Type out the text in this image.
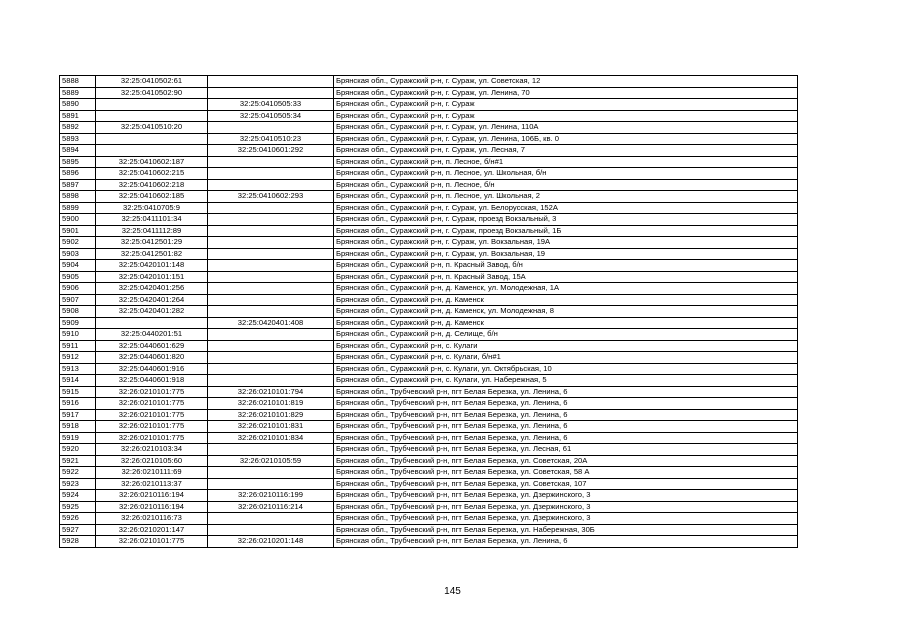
5888	32:25:0410502:61		Брянская обл., Суражский р-н, г. Сураж, ул. Советская, 12
5889	32:25:0410502:90		Брянская обл., Суражский р-н, г. Сураж, ул. Ленина, 70
5890		32:25:0410505:33	Брянская обл., Суражский р-н, г. Сураж
5891		32:25:0410505:34	Брянская обл., Суражский р-н, г. Сураж
5892	32:25:0410510:20		Брянская обл., Суражский р-н, г. Сураж, ул. Ленина, 110А
5893		32:25:0410510:23	Брянская обл., Суражский р-н, г. Сураж, ул. Ленина, 106Б, кв. 0
5894		32:25:0410601:292	Брянская обл., Суражский р-н, г. Сураж, ул. Лесная, 7
5895	32:25:0410602:187		Брянская обл., Суражский р-н, п. Лесное, б/н#1
5896	32:25:0410602:215		Брянская обл., Суражский р-н, п. Лесное, ул. Школьная, б/н
5897	32:25:0410602:218		Брянская обл., Суражский р-н, п. Лесное, б/н
5898	32:25:0410602:185	32:25:0410602:293	Брянская обл., Суражский р-н, п. Лесное, ул. Школьная, 2
5899	32:25:0410705:9		Брянская обл., Суражский р-н, г. Сураж, ул. Белорусская, 152А
5900	32:25:0411101:34		Брянская обл., Суражский р-н, г. Сураж, проезд Вокзальный, 3
5901	32:25:0411112:89		Брянская обл., Суражский р-н, г. Сураж, проезд Вокзальный, 1Б
5902	32:25:0412501:29		Брянская обл., Суражский р-н, г. Сураж, ул. Вокзальная, 19А
5903	32:25:0412501:82		Брянская обл., Суражский р-н, г. Сураж, ул. Вокзальная, 19
5904	32:25:0420101:148		Брянская обл., Суражский р-н, п. Красный Завод, б/н
5905	32:25:0420101:151		Брянская обл., Суражский р-н, п. Красный Завод, 15А
5906	32:25:0420401:256		Брянская обл., Суражский р-н, д. Каменск, ул. Молодежная, 1А
5907	32:25:0420401:264		Брянская обл., Суражский р-н, д. Каменск
5908	32:25:0420401:282		Брянская обл., Суражский р-н, д. Каменск, ул. Молодежная, 8
5909		32:25:0420401:408	Брянская обл., Суражский р-н, д. Каменск
5910	32:25:0440201:51		Брянская обл., Суражский р-н, д. Селище, б/н
5911	32:25:0440601:629		Брянская обл., Суражский р-н, с. Кулаги
5912	32:25:0440601:820		Брянская обл., Суражский р-н, с. Кулаги, б/н#1
5913	32:25:0440601:916		Брянская обл., Суражский р-н, с. Кулаги, ул. Октябрьская, 10
5914	32:25:0440601:918		Брянская обл., Суражский р-н, с. Кулаги, ул. Набережная, 5
5915	32:26:0210101:775	32:26:0210101:794	Брянская обл., Трубчевский р-н, пгт Белая Березка, ул. Ленина, 6
5916	32:26:0210101:775	32:26:0210101:819	Брянская обл., Трубчевский р-н, пгт Белая Березка, ул. Ленина, 6
5917	32:26:0210101:775	32:26:0210101:829	Брянская обл., Трубчевский р-н, пгт Белая Березка, ул. Ленина, 6
5918	32:26:0210101:775	32:26:0210101:831	Брянская обл., Трубчевский р-н, пгт Белая Березка, ул. Ленина, 6
5919	32:26:0210101:775	32:26:0210101:834	Брянская обл., Трубчевский р-н, пгт Белая Березка, ул. Ленина, 6
5920	32:26:0210103:34		Брянская обл., Трубчевский р-н, пгт Белая Березка, ул. Лесная, 61
5921	32:26:0210105:60	32:26:0210105:59	Брянская обл., Трубчевский р-н, пгт Белая Березка, ул. Советская, 20А
5922	32:26:0210111:69		Брянская обл., Трубчевский р-н, пгт Белая Березка, ул. Советская, 58 А
5923	32:26:0210113:37		Брянская обл., Трубчевский р-н, пгт Белая Березка, ул. Советская, 107
5924	32:26:0210116:194	32:26:0210116:199	Брянская обл., Трубчевский р-н, пгт Белая Березка, ул. Дзержинского, 3
5925	32:26:0210116:194	32:26:0210116:214	Брянская обл., Трубчевский р-н, пгт Белая Березка, ул. Дзержинского, 3
5926	32:26:0210116:73		Брянская обл., Трубчевский р-н, пгт Белая Березка, ул. Дзержинского, 3
5927	32:26:0210201:147		Брянская обл., Трубчевский р-н, пгт Белая Березка, ул. Набережная, 30Б
5928	32:26:0210101:775	32:26:0210201:148	Брянская обл., Трубчевский р-н, пгт Белая Березка, ул. Ленина, 6
145
